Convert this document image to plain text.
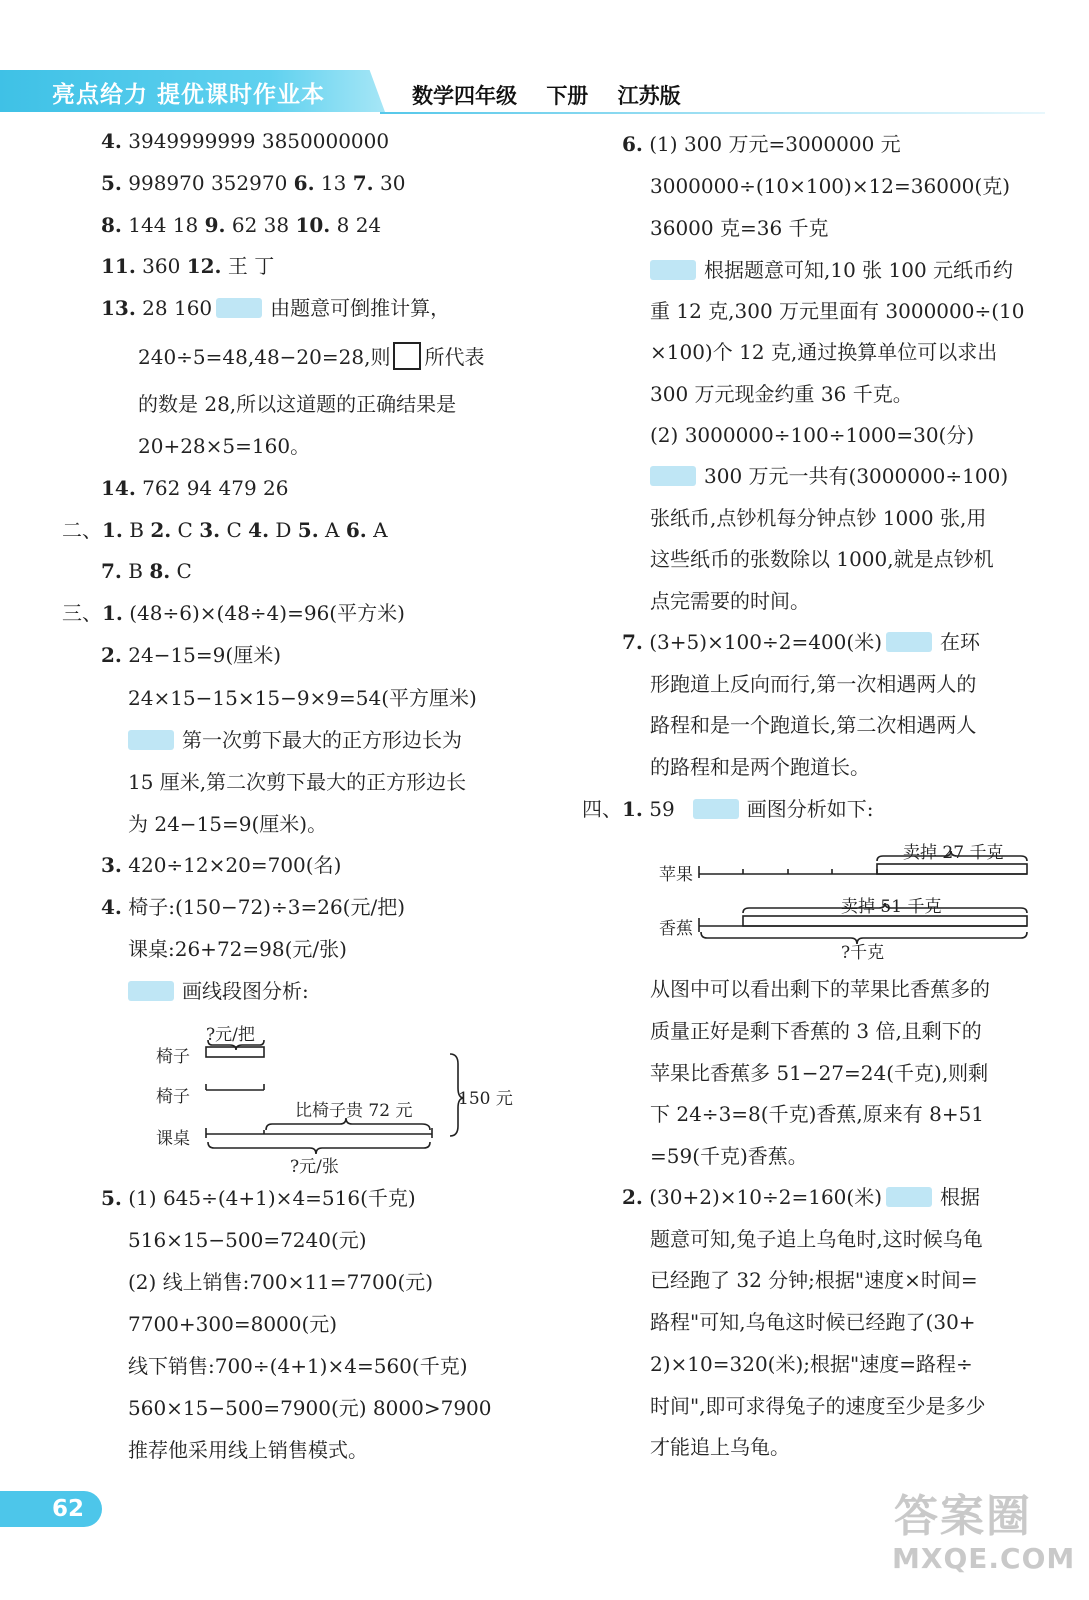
亮点给力 提优课时作业本	数学四年级 下册 江苏版
4. 3949999999 3850000000
5. 998970 352970 6. 13 7. 30
8. 144 18 9. 62 38 10. 8 24
11. 360 12. 王 丁
13. 28 160	由题意可倒推计算，
240÷5=48,48−20=28,则 所代表
的数是 28,所以这道题的正确结果是
20+28×5=160。
14. 762 94 479 26
二、1. B 2. C 3. C 4. D 5. A 6. A
7. B 8. C
三、1. (48÷6)×(48÷4)=96(平方米)
2. 24−15=9(厘米)
24×15−15×15−9×9=54(平方厘米)
第一次剪下最大的正方形边长为
15 厘米,第二次剪下最大的正方形边长
为 24−15=9(厘米)。
3. 420÷12×20=700(名)
4. 椅子:(150−72)÷3=26(元/把)
课桌:26+72=98(元/张)
画线段图分析:
?元/把
椅子
椅子
课桌
比椅子贵 72 元
150 元
?元/张
5. (1) 645÷(4+1)×4=516(千克)
516×15−500=7240(元)
(2) 线上销售:700×11=7700(元)
7700+300=8000(元)
线下销售:700÷(4+1)×4=560(千克)
560×15−500=7900(元) 8000>7900
推荐他采用线上销售模式。
6. (1) 300 万元=3000000 元
3000000÷(10×100)×12=36000(克)
36000 克=36 千克
根据题意可知,10 张 100 元纸币约
重 12 克,300 万元里面有 3000000÷(10
×100)个 12 克,通过换算单位可以求出
300 万元现金约重 36 千克。
(2) 3000000÷100÷1000=30(分)
300 万元一共有(3000000÷100)
张纸币,点钞机每分钟点钞 1000 张,用
这些纸币的张数除以 1000,就是点钞机
点完需要的时间。
7. (3+5)×100÷2=400(米)	在环
形跑道上反向而行,第一次相遇两人的
路程和是一个跑道长,第二次相遇两人
的路程和是两个跑道长。
四、1. 59	画图分析如下:
卖掉 27 千克
苹果
卖掉 51 千克
香蕉
?千克
从图中可以看出剩下的苹果比香蕉多的
质量正好是剩下香蕉的 3 倍,且剩下的
苹果比香蕉多 51−27=24(千克),则剩
下 24÷3=8(千克)香蕉,原来有 8+51
=59(千克)香蕉。
2. (30+2)×10÷2=160(米)	根据
题意可知,兔子追上乌龟时,这时候乌龟
已经跑了 32 分钟;根据"速度×时间=
路程"可知,乌龟这时候已经跑了(30+
2)×10=320(米);根据"速度=路程÷
时间",即可求得兔子的速度至少是多少
才能追上乌龟。
62	答案圈
MXQE.COM
